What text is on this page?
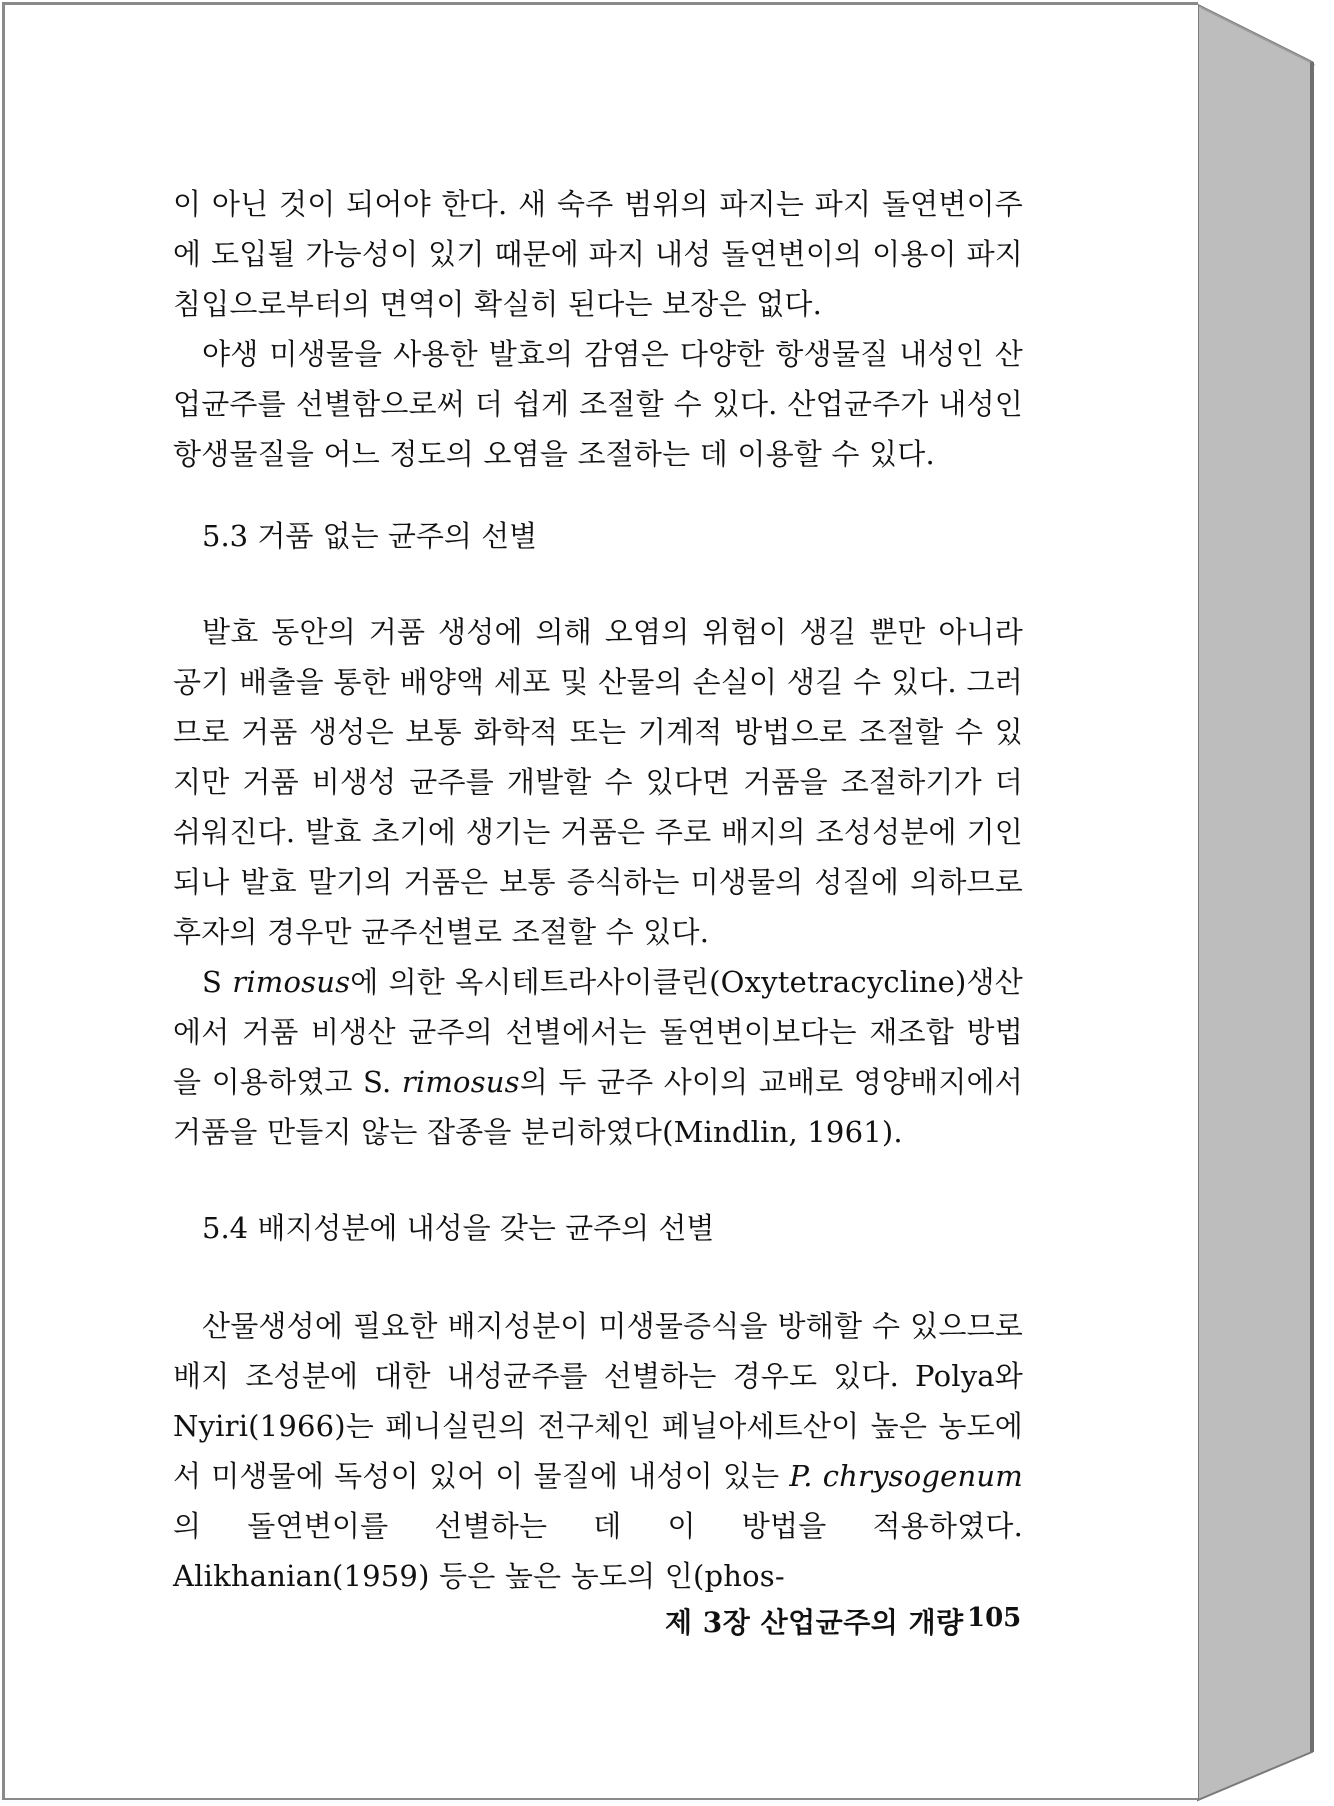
이 아닌 것이 되어야 한다. 새 숙주 범위의 파지는 파지 돌연변이주에 도입될 가능성이 있기 때문에 파지 내성 돌연변이의 이용이 파지 침입으로부터의 면역이 확실히 된다는 보장은 없다.

야생 미생물을 사용한 발효의 감염은 다양한 항생물질 내성인 산업균주를 선별함으로써 더 쉽게 조절할 수 있다. 산업균주가 내성인 항생물질을 어느 정도의 오염을 조절하는 데 이용할 수 있다.

5.3 거품 없는 균주의 선별

발효 동안의 거품 생성에 의해 오염의 위험이 생길 뿐만 아니라 공기 배출을 통한 배양액 세포 및 산물의 손실이 생길 수 있다. 그러므로 거품 생성은 보통 화학적 또는 기계적 방법으로 조절할 수 있지만 거품 비생성 균주를 개발할 수 있다면 거품을 조절하기가 더 쉬워진다. 발효 초기에 생기는 거품은 주로 배지의 조성성분에 기인되나 발효 말기의 거품은 보통 증식하는 미생물의 성질에 의하므로 후자의 경우만 균주선별로 조절할 수 있다.

S rimosus에 의한 옥시테트라사이클린(Oxytetracycline)생산에서 거품 비생산 균주의 선별에서는 돌연변이보다는 재조합 방법을 이용하였고 S. rimosus의 두 균주 사이의 교배로 영양배지에서 거품을 만들지 않는 잡종을 분리하였다(Mindlin, 1961).

5.4 배지성분에 내성을 갖는 균주의 선별

산물생성에 필요한 배지성분이 미생물증식을 방해할 수 있으므로 배지 조성분에 대한 내성균주를 선별하는 경우도 있다. Polya와 Nyiri(1966)는 페니실린의 전구체인 페닐아세트산이 높은 농도에서 미생물에 독성이 있어 이 물질에 내성이 있는 P. chrysogenum의 돌연변이를 선별하는 데 이 방법을 적용하였다. Alikhanian(1959) 등은 높은 농도의 인(phos-

제 3장 산업균주의 개량 105
